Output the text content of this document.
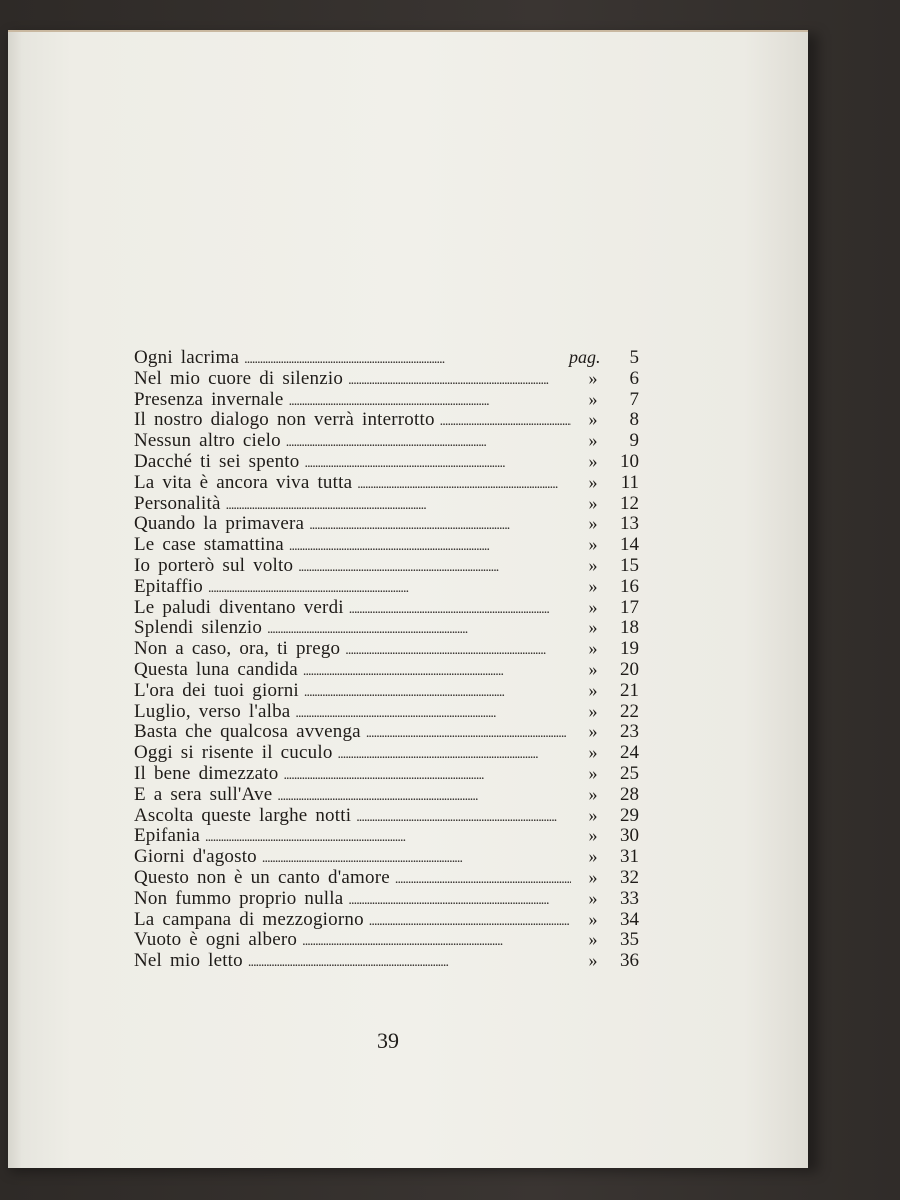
Ogni lacrima . . .	pag.	5
Nel mio cuore di silenzio . . .	»	6
Presenza invernale . . .	»	7
Il nostro dialogo non verrà interrotto . . .	»	8
Nessun altro cielo . . .	»	9
Dacché ti sei spento . . .	»	10
La vita è ancora viva tutta . . .	»	11
Personalità . . .	»	12
Quando la primavera . . .	»	13
Le case stamattina . . .	»	14
Io porterò sul volto . . .	»	15
Epitaffio . . .	»	16
Le paludi diventano verdi . . .	»	17
Splendi silenzio . . .	»	18
Non a caso, ora, ti prego . . .	»	19
Questa luna candida . . .	»	20
L'ora dei tuoi giorni . . .	»	21
Luglio, verso l'alba . . .	»	22
Basta che qualcosa avvenga . . .	»	23
Oggi si risente il cuculo . . .	»	24
Il bene dimezzato . . .	»	25
E a sera sull'Ave . . .	»	28
Ascolta queste larghe notti . . .	»	29
Epifania . . .	»	30
Giorni d'agosto . . .	»	31
Questo non è un canto d'amore . . .	»	32
Non fummo proprio nulla . . .	»	33
La campana di mezzogiorno . . .	»	34
Vuoto è ogni albero . . .	»	35
Nel mio letto . . .	»	36
39
